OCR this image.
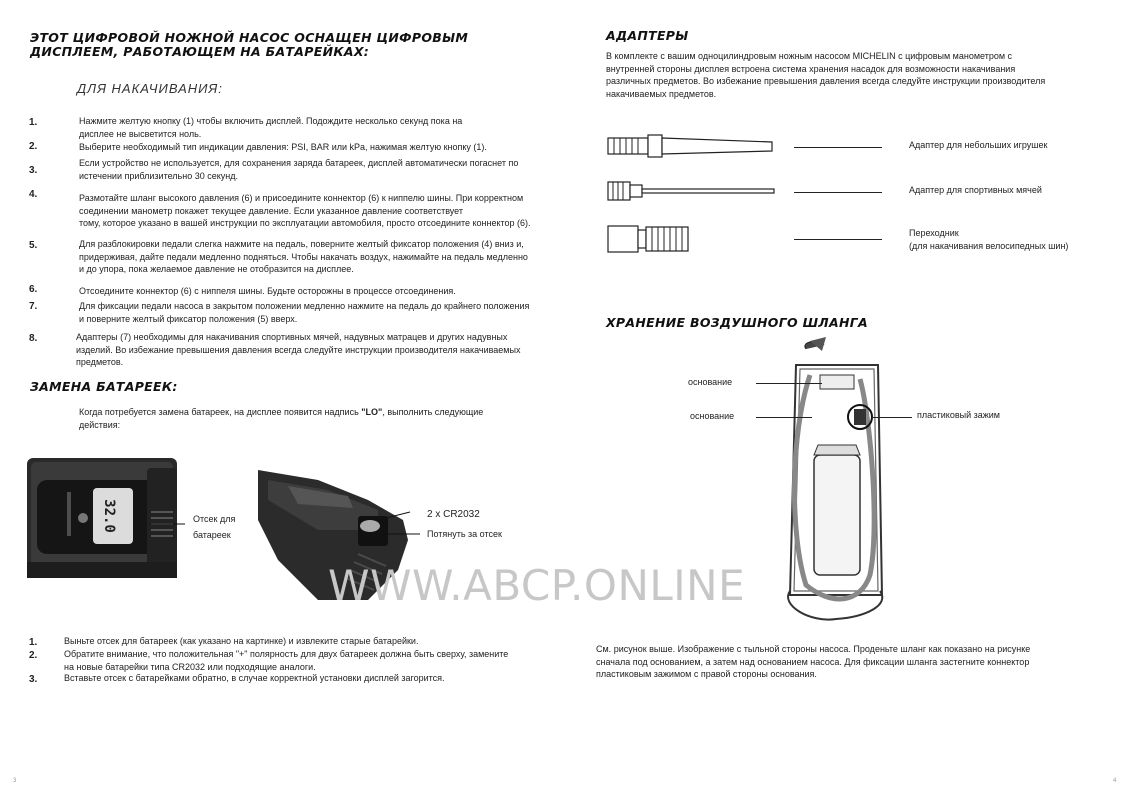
ЭТОТ ЦИФРОВОЙ НОЖНОЙ НАСОС ОСНАЩЕН ЦИФРОВЫМ
ДИСПЛЕЕМ, РАБОТАЮЩЕМ НА БАТАРЕЙКАХ:
ДЛЯ НАКАЧИВАНИЯ:
1.	Нажмите желтую кнопку (1) чтобы включить дисплей. Подождите несколько секунд пока на
дисплее не высветится ноль.
2.	Выберите необходимый тип индикации давления: PSI, BAR или kPa, нажимая желтую кнопку (1).
3.
Если устройство не используется, для сохранения заряда батареек, дисплей автоматически погаснет по
истечении приблизительно 30 секунд.
4.	Размотайте шланг высокого давления (6) и присоедините коннектор (6) к ниппелю шины. При корректном
соединении манометр покажет текущее давление. Если указанное давление соответствует
тому, которое указано в вашей инструкции по эксплуатации автомобиля, просто отсоедините коннектор (6).
5.	Для разблокировки педали слегка нажмите на педаль, поверните желтый фиксатор положения (4) вниз и,
придерживая, дайте педали медленно подняться. Чтобы накачать воздух, нажимайте на педаль медленно
и до упора, пока желаемое давление не отобразится на дисплее.
6.	Отсоедините коннектор (6) с ниппеля шины. Будьте осторожны в процессе отсоединения.
7.	Для фиксации педали насоса в закрытом положении медленно нажмите на педаль до крайнего положения
и поверните желтый фиксатор положения (5) вверх.
8.	Адаптеры (7) необходимы для накачивания спортивных мячей, надувных матрацев и других надувных
изделий. Во избежание превышения давления всегда следуйте инструкции производителя накачиваемых
предметов.
ЗАМЕНА БАТАРЕЕК:
Когда потребуется замена батареек, на дисплее появится надпись "LO", выполнить следующие
действия:
32.0	Отсек для
батареек
2 x CR2032
Потянуть за отсек
1.	Выньте отсек для батареек (как указано на картинке) и извлеките старые батарейки.
2.	Обратите внимание, что положительная "+" полярность для двух батареек должна быть сверху, замените
на новые батарейки типа CR2032 или подходящие аналоги.
3.	Вставьте отсек с батарейками обратно, в случае корректной установки дисплей загорится.
3
АДАПТЕРЫ
В комплекте с вашим одноцилиндровым ножным насосом MICHELIN с цифровым манометром с
внутренней стороны дисплея встроена система хранения насадок для возможности накачивания
различных предметов. Во избежание превышения давления всегда следуйте инструкции производителя
накачиваемых предметов.
Адаптер для небольших игрушек
Адаптер для спортивных мячей
Переходник
(для накачивания велосипедных шин)
ХРАНЕНИЕ ВОЗДУШНОГО ШЛАНГА
основание
основание	пластиковый зажим
См. рисунок выше. Изображение с тыльной стороны насоса. Проденьте шланг как показано на рисунке
сначала под основанием, а затем над основанием насоса. Для фиксации шланга застегните коннектор
пластиковым зажимом с правой стороны основания.
4
WWW.ABCP.ONLINE
